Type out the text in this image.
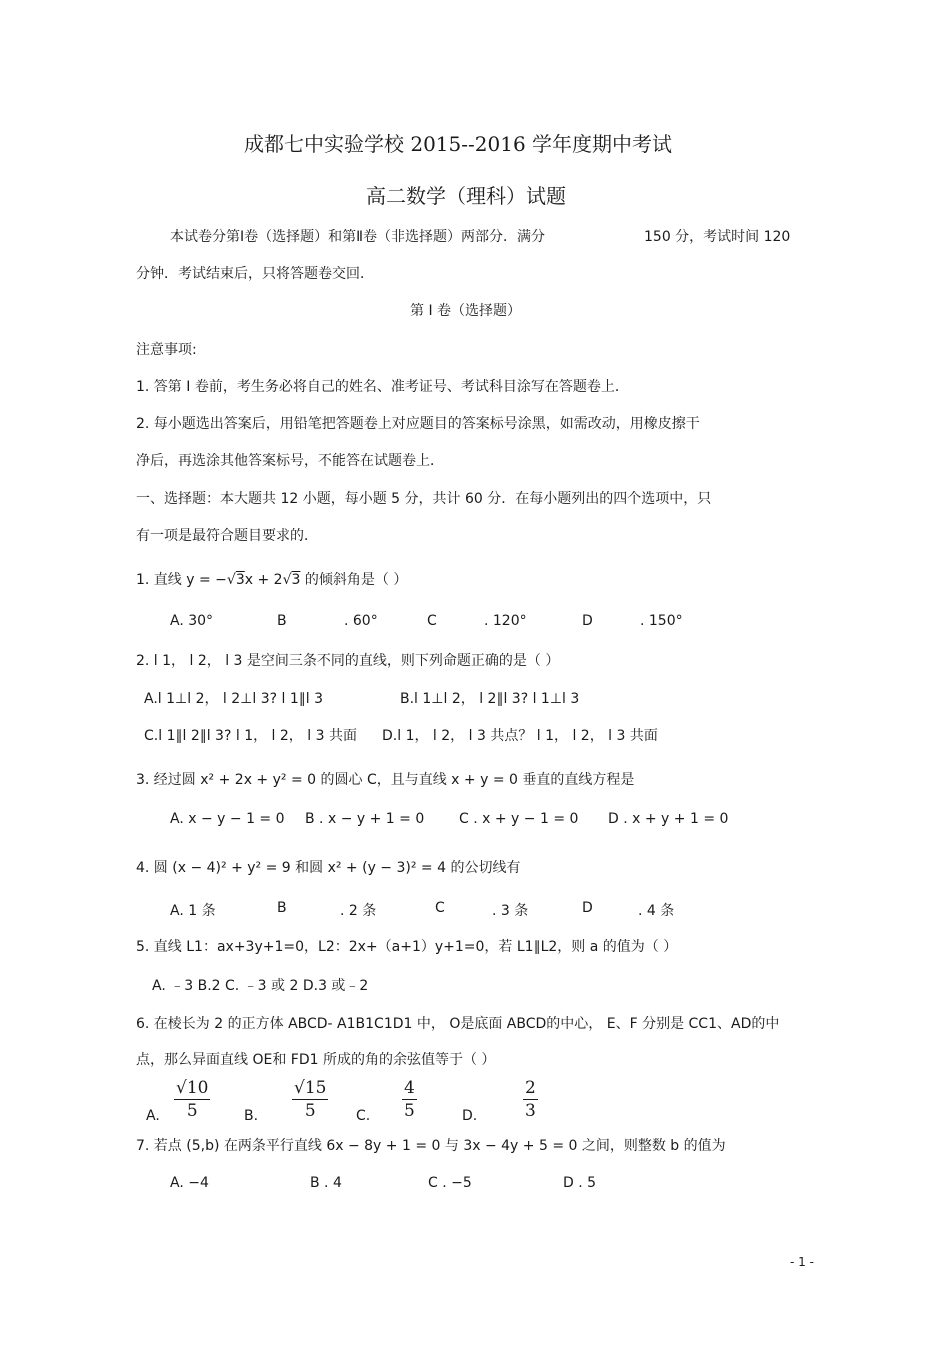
成都七中实验学校 2015--2016 学年度期中考试
高二数学（理科）试题
本试卷分第Ⅰ卷（选择题）和第Ⅱ卷（非选择题）两部分．满分	150 分，考试时间 120
分钟．考试结束后，只将答题卷交回．
第 Ⅰ 卷（选择题）
注意事项:
1. 答第 Ⅰ 卷前，考生务必将自己的姓名、准考证号、考试科目涂写在答题卷上．
2. 每小题选出答案后，用铅笔把答题卷上对应题目的答案标号涂黑，如需改动，用橡皮擦干
净后，再选涂其他答案标号，不能答在试题卷上．
一、选择题：本大题共 12 小题，每小题 5 分，共计 60 分．在每小题列出的四个选项中，只
有一项是最符合题目要求的．
1. 直线 y = −√3x + 2√3 的倾斜角是（ ）
A. 30°	B	. 60°	C	. 120°	D	. 150°
2. l 1， l 2， l 3 是空间三条不同的直线，则下列命题正确的是（ ）
A.l 1⊥l 2， l 2⊥l 3? l 1∥l 3	B.l 1⊥l 2， l 2∥l 3? l 1⊥l 3
C.l 1∥l 2∥l 3? l 1， l 2， l 3 共面 D.l 1， l 2， l 3 共点？ l 1， l 2， l 3 共面
3. 经过圆 x² + 2x + y² = 0 的圆心 C，且与直线 x + y = 0 垂直的直线方程是
A. x − y − 1 = 0 B . x − y + 1 = 0 C . x + y − 1 = 0 D . x + y + 1 = 0
4. 圆 (x − 4)² + y² = 9 和圆 x² + (y − 3)² = 4 的公切线有
A. 1 条	B	. 2 条	C	. 3 条	D	. 4 条
5. 直线 L1：ax+3y+1=0，L2：2x+（a+1）y+1=0，若 L1∥L2，则 a 的值为（ ）
A. ﹣3 B.2 C. ﹣3 或 2 D.3 或﹣2
6. 在棱长为 2 的正方体 ABCD- A1B1C1D1 中， O是底面 ABCD的中心， E、F 分别是 CC1、AD的中
点，那么异面直线 OE和 FD1 所成的角的余弦值等于（ ）
A. $\frac{√10}{5} B$. $\frac{√15}{5} C$. $\frac{4}{5}$	D.	$\frac{2}{3}$
7. 若点 (5,b) 在两条平行直线 6x − 8y + 1 = 0 与 3x − 4y + 5 = 0 之间，则整数 b 的值为
A. −4	B . 4	C . −5	D . 5
- 1 -
